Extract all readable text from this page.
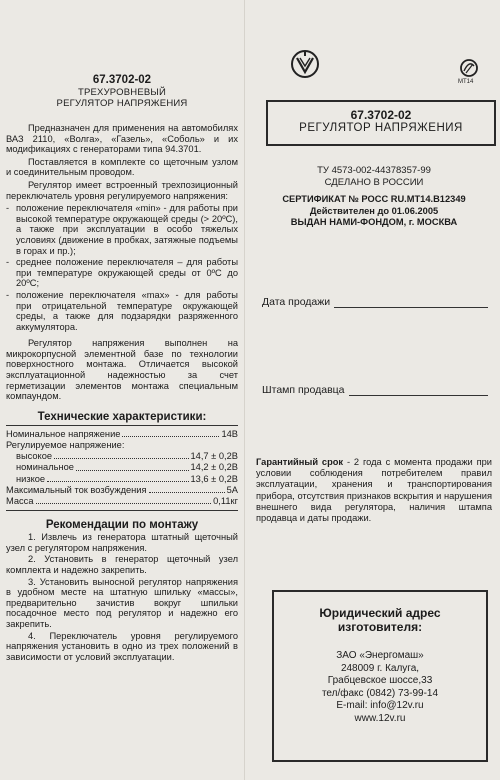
67.3702-02
ТРЕХУРОВНЕВЫЙ
РЕГУЛЯТОР НАПРЯЖЕНИЯ

Предназначен для применения на автомобилях ВАЗ 2110, «Волга», «Газель», «Соболь» и их модификациях с генераторами типа 94.3701.

Поставляется в комплекте со щеточным узлом и соединительным проводом.

Регулятор имеет встроенный трехпозиционный переключатель уровня регулируемого напряжения:

- положение переключателя «min» - для работы при высокой температуре окружающей среды (> 20ºС), а также при эксплуатации в особо тяжелых условиях (движение в пробках, затяжные подъемы в горах и пр.);
- среднее положение переключателя – для работы при температуре окружающей среды от 0ºС до 20ºС;
- положение переключателя «max» - для работы при отрицательной температуре окружающей среды, а также для подзарядки разряженного аккумулятора.

Регулятор напряжения выполнен на микрокорпусной элементной базе по технологии поверхностного монтажа. Отличается высокой эксплуатационной надежностью за счет герметизации элементов монтажа специальным компаундом.

Технические характеристики:
Номинальное напряжение	14В
Регулируемое напряжение:
высокое	14,7 ± 0,2В
номинальное	14,2 ± 0,2В
низкое	13,6 ± 0,2В
Максимальный ток возбуждения	5А
Масса	0,11кг
Рекомендации по монтажу

1. Извлечь из генератора штатный щеточный узел с регулятором напряжения.

2. Установить в генератор щеточный узел комплекта и надежно закрепить.

3. Установить выносной регулятор напряжения в удобном месте на штатную шпильку «массы», предварительно зачистив вокруг шпильки посадочное место под регулятор и надежно его закрепить.

4. Переключатель уровня регулируемого напряжения установить в одно из трех положений в зависимости от условий эксплуатации.

МТ14
67.3702-02
РЕГУЛЯТОР НАПРЯЖЕНИЯ
ТУ 4573-002-44378357-99
СДЕЛАНО В РОССИИ
СЕРТИФИКАТ № РОСС RU.МТ14.В12349
Действителен до 01.06.2005
ВЫДАН НАМИ-ФОНДОМ, г. МОСКВА
Дата продажи
Штамп продавца
Гарантийный срок - 2 года с момента продажи при условии соблюдения потребителем правил эксплуатации, хранения и транспортирования прибора, отсутствия признаков вскрытия и нарушения внешнего вида регулятора, наличия штампа продавца и даты продажи.
Юридический адрес
изготовителя:
ЗАО «Энергомаш»
248009 г. Калуга,
Грабцевское шоссе,33
тел/факс (0842) 73-99-14
E-mail: info@12v.ru
www.12v.ru
